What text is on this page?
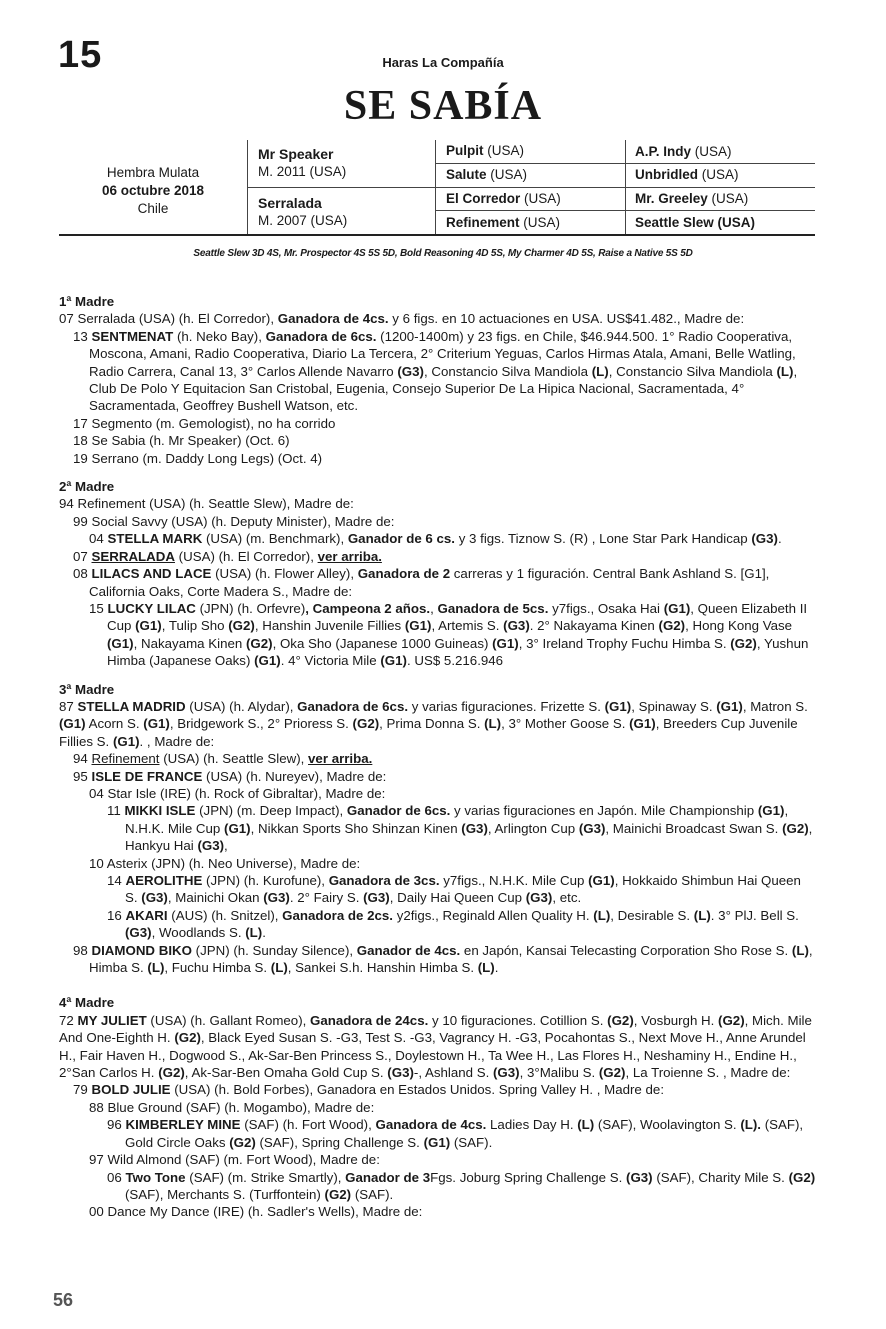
15	Haras La Compañía
SE SABÍA
Hembra Mulata
06 octubre 2018
Chile
Mr Speaker
M. 2011 (USA)
Serralada
M. 2007 (USA)
Pulpit (USA)
Salute (USA)
El Corredor (USA)
Refinement (USA)
A.P. Indy (USA)
Unbridled (USA)
Mr. Greeley (USA)
Seattle Slew (USA)
Seattle Slew 3D 4S, Mr. Prospector 4S 5S 5D, Bold Reasoning 4D 5S, My Charmer 4D 5S, Raise a Native 5S 5D

1ª Madre

07 Serralada (USA) (h. El Corredor), Ganadora de 4cs. y 6 figs. en 10 actuaciones en USA. US$41.482., Madre de:

13 SENTMENAT (h. Neko Bay), Ganadora de 6cs. (1200-1400m) y 23 figs. en Chile, $46.944.500. 1° Radio Cooperativa, Moscona, Amani, Radio Cooperativa, Diario La Tercera, 2° Criterium Yeguas, Carlos Hirmas Atala, Amani, Belle Watling, Radio Carrera, Canal 13, 3° Carlos Allende Navarro (G3), Constancio Silva Mandiola (L), Constancio Silva Mandiola (L), Club De Polo Y Equitacion San Cristobal, Eugenia, Consejo Superior De La Hipica Nacional, Sacramentada, 4° Sacramentada, Geoffrey Bushell Watson, etc.

17 Segmento (m. Gemologist), no ha corrido

18 Se Sabia (h. Mr Speaker) (Oct. 6)

19 Serrano (m. Daddy Long Legs) (Oct. 4)

2ª Madre

94 Refinement (USA) (h. Seattle Slew), Madre de:

99 Social Savvy (USA) (h. Deputy Minister), Madre de:

04 STELLA MARK (USA) (m. Benchmark), Ganador de 6 cs. y 3 figs. Tiznow S. (R) , Lone Star Park Handicap (G3).

07 SERRALADA (USA) (h. El Corredor), ver arriba.

08 LILACS AND LACE (USA) (h. Flower Alley), Ganadora de 2 carreras y 1 figuración. Central Bank Ashland S. [G1], California Oaks, Corte Madera S., Madre de:

15 LUCKY LILAC (JPN) (h. Orfevre), Campeona 2 años., Ganadora de 5cs. y7figs., Osaka Hai (G1), Queen Elizabeth II Cup (G1), Tulip Sho (G2), Hanshin Juvenile Fillies (G1), Artemis S. (G3). 2° Nakayama Kinen (G2), Hong Kong Vase (G1), Nakayama Kinen (G2), Oka Sho (Japanese 1000 Guineas) (G1), 3° Ireland Trophy Fuchu Himba S. (G2), Yushun Himba (Japanese Oaks) (G1). 4° Victoria Mile (G1). US$ 5.216.946

3ª Madre

87 STELLA MADRID (USA) (h. Alydar), Ganadora de 6cs. y varias figuraciones. Frizette S. (G1), Spinaway S. (G1), Matron S.(G1) Acorn S. (G1), Bridgework S., 2° Prioress S. (G2), Prima Donna S. (L), 3° Mother Goose S. (G1), Breeders Cup Juvenile Fillies S. (G1). , Madre de:

94 Refinement (USA) (h. Seattle Slew), ver arriba.

95 ISLE DE FRANCE (USA) (h. Nureyev), Madre de:

04 Star Isle (IRE) (h. Rock of Gibraltar), Madre de:

11 MIKKI ISLE (JPN) (m. Deep Impact), Ganador de 6cs. y varias figuraciones en Japón. Mile Championship (G1), N.H.K. Mile Cup (G1), Nikkan Sports Sho Shinzan Kinen (G3), Arlington Cup (G3), Mainichi Broadcast Swan S. (G2), Hankyu Hai (G3),

10 Asterix (JPN) (h. Neo Universe), Madre de:

14 AEROLITHE (JPN) (h. Kurofune), Ganadora de 3cs. y7figs., N.H.K. Mile Cup (G1), Hokkaido Shimbun Hai Queen S. (G3), Mainichi Okan (G3). 2° Fairy S. (G3), Daily Hai Queen Cup (G3), etc.

16 AKARI (AUS) (h. Snitzel), Ganadora de 2cs. y2figs., Reginald Allen Quality H. (L), Desirable S. (L). 3° PlJ. Bell S. (G3), Woodlands S. (L).

98 DIAMOND BIKO (JPN) (h. Sunday Silence), Ganador de 4cs. en Japón, Kansai Telecasting Corporation Sho Rose S. (L), Himba S. (L), Fuchu Himba S. (L), Sankei S.h. Hanshin Himba S. (L).

4ª Madre

72 MY JULIET (USA) (h. Gallant Romeo), Ganadora de 24cs. y 10 figuraciones. Cotillion S. (G2), Vosburgh H. (G2), Mich. Mile And One-Eighth H. (G2), Black Eyed Susan S. -G3, Test S. -G3, Vagrancy H. -G3, Pocahontas S., Next Move H., Anne Arundel H., Fair Haven H., Dogwood S., Ak-Sar-Ben Princess S., Doylestown H., Ta Wee H., Las Flores H., Neshaminy H., Endine H., 2°San Carlos H. (G2), Ak-Sar-Ben Omaha Gold Cup S. (G3)-, Ashland S. (G3), 3°Malibu S. (G2), La Troienne S. , Madre de:

79 BOLD JULIE (USA) (h. Bold Forbes), Ganadora en Estados Unidos. Spring Valley H. , Madre de:

88 Blue Ground (SAF) (h. Mogambo), Madre de:

96 KIMBERLEY MINE (SAF) (h. Fort Wood), Ganadora de 4cs. Ladies Day H. (L) (SAF), Woolavington S. (L). (SAF), Gold Circle Oaks (G2) (SAF), Spring Challenge S. (G1) (SAF).

97 Wild Almond (SAF) (m. Fort Wood), Madre de:

06 Two Tone (SAF) (m. Strike Smartly), Ganador de 3Fgs. Joburg Spring Challenge S. (G3) (SAF), Charity Mile S. (G2) (SAF), Merchants S. (Turffontein) (G2) (SAF).

00 Dance My Dance (IRE) (h. Sadler's Wells), Madre de:

56
